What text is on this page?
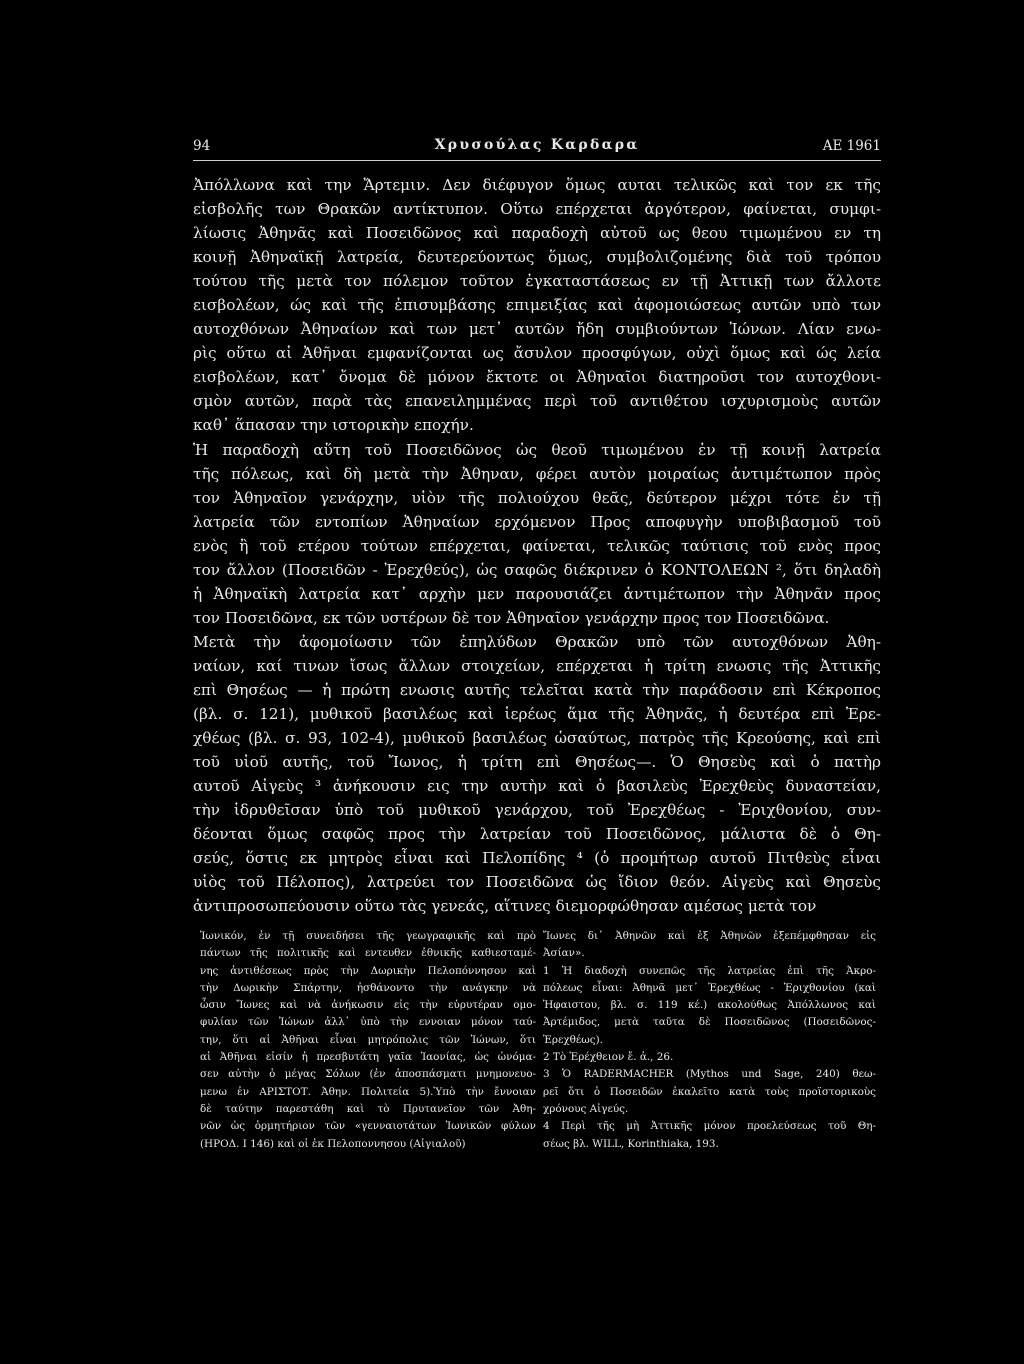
94	Χρυσούλας Καρδαρα	ΑΕ 1961
Ἀπόλλωνα καὶ την Ἄρτεμιν. Δεν διέφυγον ὅμως αυται τελικῶς καὶ τον εκ τῆς
εἰσβολῆς των Θρακῶν αντίκτυπον. Οὕτω επέρχεται ἀργότερον, φαίνεται, συμφι-
λίωσις Ἀθηνᾶς καὶ Ποσειδῶνος καὶ παραδοχὴ αὐτοῦ ως θεου τιμωμένου εν τη
κοινῇ Ἀθηναϊκῇ λατρεία, δευτερεύοντως ὅμως, συμβολιζομένης διὰ τοῦ τρόπου
τούτου τῆς μετὰ τον πόλεμον τοῦτον ἐγκαταστάσεως εν τῇ Ἀττικῇ των ἄλλοτε
εισβολέων, ώς καὶ τῆς ἐπισυμβάσης επιμειξίας καὶ ἀφομοιώσεως αυτῶν υπὸ των
αυτοχθόνων Ἀθηναίων καὶ των μετ᾿ αυτῶν ἤδη συμβιούντων Ἰώνων. Λίαν ενω-
ρὶς οὕτω αἱ Ἀθῆναι εμφανίζονται ως ἄσυλον προσφύγων, οὐχὶ ὅμως καὶ ώς λεία
εισβολέων, κατ᾿ ὄνομα δὲ μόνον ἔκτοτε οι Ἀθηναῖοι διατηροῦσι τον αυτοχθονι-
σμὸν αυτῶν, παρὰ τὰς επανειλημμένας περὶ τοῦ αντιθέτου ισχυρισμοὺς αυτῶν
καθ᾿ ἅπασαν την ιστορικὴν εποχήν.
Ἡ παραδοχὴ αὕτη τοῦ Ποσειδῶνος ὡς θεοῦ τιμωμένου ἐν τῇ κοινῇ λατρεία
τῆς πόλεως, καὶ δὴ μετὰ τὴν Ἀθηναν, φέρει αυτὸν μοιραίως ἀντιμέτωπον πρὸς
τον Ἀθηναῖον γενάρχην, υἱὸν τῆς πολιούχου θεᾶς, δεύτερον μέχρι τότε ἐν τῇ
λατρεία τῶν εντοπίων Ἀθηναίων ερχόμενον Προς αποφυγὴν υποβιβασμοῦ τοῦ
ενὸς ἢ τοῦ ετέρου τούτων επέρχεται, φαίνεται, τελικῶς ταύτισις τοῦ ενὸς προς
τον ἄλλον (Ποσειδῶν - Ἐρεχθεύς), ὡς σαφῶς διέκρινεν ὁ ΚΟΝΤΟΛΕΩΝ ², ὅτι δηλαδὴ
ἡ Ἀθηναϊκὴ λατρεία κατ᾿ αρχὴν μεν παρουσιάζει ἀντιμέτωπον τὴν Ἀθηνᾶν προς
τον Ποσειδῶνα, εκ τῶν υστέρων δὲ τον Ἀθηναῖον γενάρχην προς τον Ποσειδῶνα.
Μετὰ τὴν ἀφομοίωσιν τῶν ἐπηλύδων Θρακῶν υπὸ τῶν αυτοχθόνων Ἀθη-
ναίων, καί τινων ἴσως ἄλλων στοιχείων, επέρχεται ἡ τρίτη ενωσις τῆς Ἀττικῆς
επὶ Θησέως — ἡ πρώτη ενωσις αυτῆς τελεῖται κατὰ τὴν παράδοσιν επὶ Κέκροπος
(βλ. σ. 121), μυθικοῦ βασιλέως καὶ ἱερέως ἅμα τῆς Ἀθηνᾶς, ἡ δευτέρα επὶ Ἐρε-
χθέως (βλ. σ. 93, 102-4), μυθικοῦ βασιλέως ὡσαύτως, πατρὸς τῆς Κρεούσης, καὶ επὶ
τοῦ υἱοῦ αυτῆς, τοῦ Ἴωνος, ἡ τρίτη επὶ Θησέως—. Ὁ Θησεὺς καὶ ὁ πατὴρ
αυτοῦ Αἰγεὺς ³ ἀνήκουσιν εις την αυτὴν καὶ ὁ βασιλεὺς Ἐρεχθεὺς δυναστείαν,
τὴν ἱδρυθεῖσαν ὑπὸ τοῦ μυθικοῦ γενάρχου, τοῦ Ἐρεχθέως - Ἐριχθονίου, συν-
δέονται ὅμως σαφῶς προς τὴν λατρείαν τοῦ Ποσειδῶνος, μάλιστα δὲ ὁ Θη-
σεύς, ὅστις εκ μητρὸς εἶναι καὶ Πελοπίδης ⁴ (ὁ προμήτωρ αυτοῦ Πιτθεὺς εἶναι
υἱὸς τοῦ Πέλοπος), λατρεύει τον Ποσειδῶνα ὡς ἴδιον θεόν. Αἰγεὺς καὶ Θησεὺς
ἀντιπροσωπεύουσιν οὕτω τὰς γενεάς, αἵτινες διεμορφώθησαν αμέσως μετὰ τον
Ἰωνικόν, ἐν τῇ συνειδήσει τῆς γεωγραφικῆς καὶ πρὸ
πάντων τῆς πολιτικῆς καὶ εντευθεν ἐθνικῆς καθιεσταμέ-
νης ἀντιθέσεως πρὸς τὴν Δωρικὴν Πελοπόννησον καὶ
τὴν Δωρικὴν Σπάρτην, ἠσθάνοντο τὴν ανάγκην νὰ
ὦσιν Ἴωνες καὶ νὰ ἀνήκωσιν εἰς τὴν εὐρυτέραν ομο-
φυλίαν τῶν Ἰώνων ἀλλ᾿ ὑπὸ τὴν εννοιαν μόνον ταύ-
την, ὅτι αἱ Ἀθῆναι εἶναι μητρόπολις τῶν Ἰώνων, ὅτι
αἱ Ἀθῆναι εἰσίν ἡ πρεσβυτάτη γαῖα Ἰαονίας, ὡς ὠνόμα-
σεν αὐτὴν ὁ μέγας Σόλων (ἐν ἀποσπάσματι μνημονευο-
μενω ἐν ΑΡΙΣΤΟΤ. Ἀθην. Πολιτεία 5).Ὑπὸ τὴν ἔννοιαν
δὲ ταύτην παρεστάθη καὶ τὸ Πρυτανεῖον τῶν Ἀθη-
νῶν ὡς ὁρμητήριον τῶν «γενναιοτάτων Ἰωνικῶν φύλων
(ΗΡΟΔ. I 146) καὶ οἱ ἐκ Πελοποννησου (Αἰγιαλοῦ)
Ἴωνες δι᾿ Ἀθηνῶν καὶ ἐξ Ἀθηνῶν ἐξεπέμφθησαν εἰς
Ἀσίαν».
1 Ἡ διαδοχὴ συνεπῶς τῆς λατρείας ἐπὶ τῆς Ἀκρο-
πόλεως εἶναι: Ἀθηνᾶ μετ᾿ Ἐρεχθέως - Ἐριχθονίου (καὶ
Ἡφαιστου, βλ. σ. 119 κέ.) ακολούθως Ἀπόλλωνος καὶ
Ἀρτέμιδος, μετὰ ταῦτα δὲ Ποσειδῶνος (Ποσειδῶνος-
Ἐρεχθέως).
2 Τὸ Ἐρέχθειον ἔ. ἀ., 26.
3 Ὁ RADERMACHER (Mythos und Sage, 240) θεω-
ρεῖ ὅτι ὁ Ποσειδῶν ἐκαλεῖτο κατὰ τοὺς προϊστορικοὺς
χρόνους Αἰγεύς.
4 Περὶ τῆς μὴ Ἀττικῆς μόνον προελεύσεως τοῦ Θη-
σέως βλ. WILL, Korinthiaka, 193.
